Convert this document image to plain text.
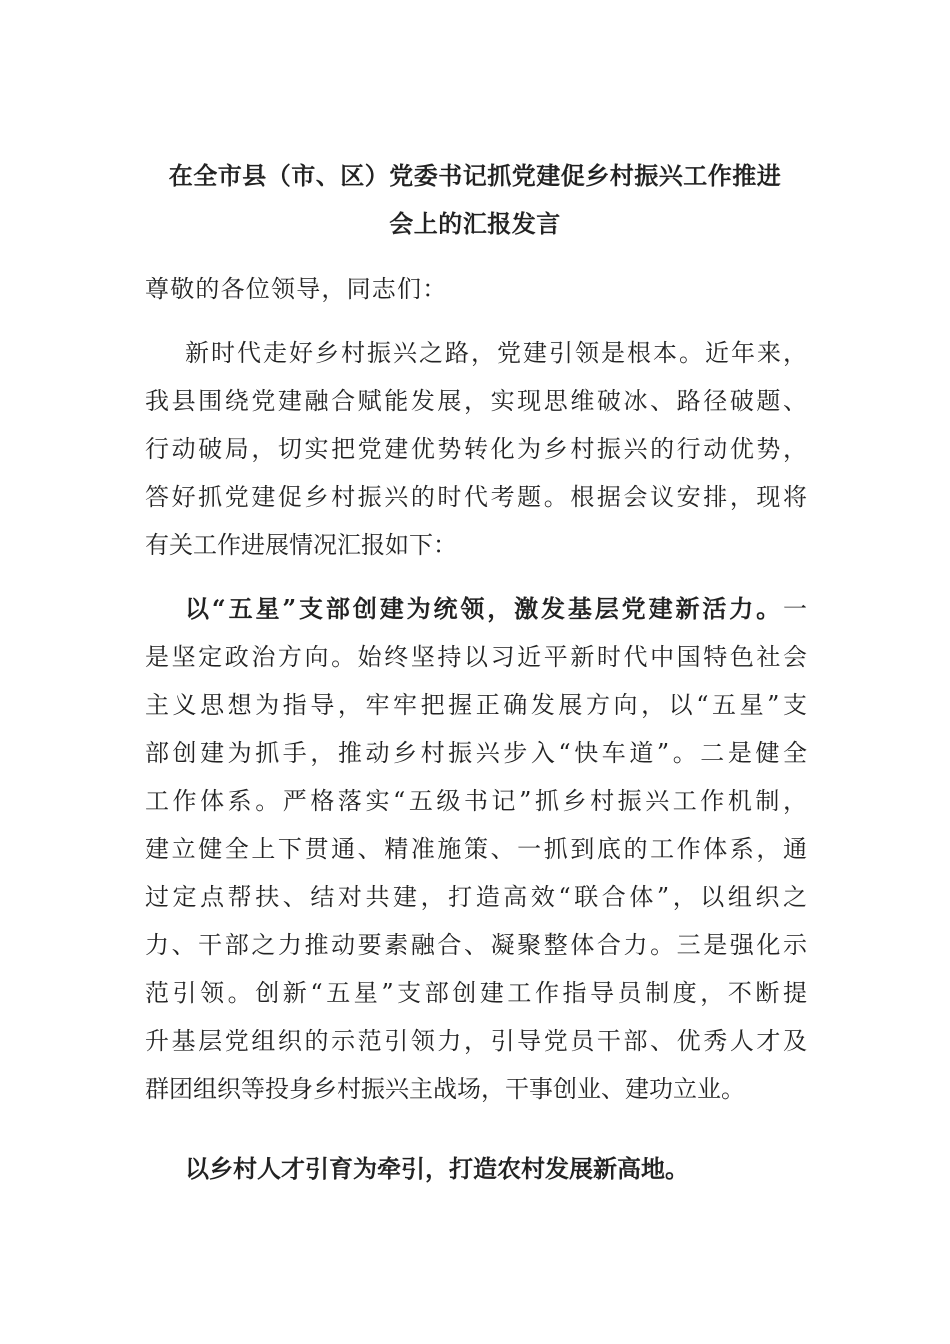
在全市县（市、区）党委书记抓党建促乡村振兴工作推进
会上的汇报发言
尊敬的各位领导，同志们：
新时代走好乡村振兴之路，党建引领是根本。近年来，
我县围绕党建融合赋能发展，实现思维破冰、路径破题、
行动破局，切实把党建优势转化为乡村振兴的行动优势，
答好抓党建促乡村振兴的时代考题。根据会议安排，现将
有关工作进展情况汇报如下：
以“五星”支部创建为统领，激发基层党建新活力。一
是坚定政治方向。始终坚持以习近平新时代中国特色社会
主义思想为指导，牢牢把握正确发展方向，以“五星”支
部创建为抓手，推动乡村振兴步入“快车道”。二是健全
工作体系。严格落实“五级书记”抓乡村振兴工作机制，
建立健全上下贯通、精准施策、一抓到底的工作体系，通
过定点帮扶、结对共建，打造高效“联合体”，以组织之
力、干部之力推动要素融合、凝聚整体合力。三是强化示
范引领。创新“五星”支部创建工作指导员制度，不断提
升基层党组织的示范引领力，引导党员干部、优秀人才及
群团组织等投身乡村振兴主战场，干事创业、建功立业。
以乡村人才引育为牵引，打造农村发展新高地。
